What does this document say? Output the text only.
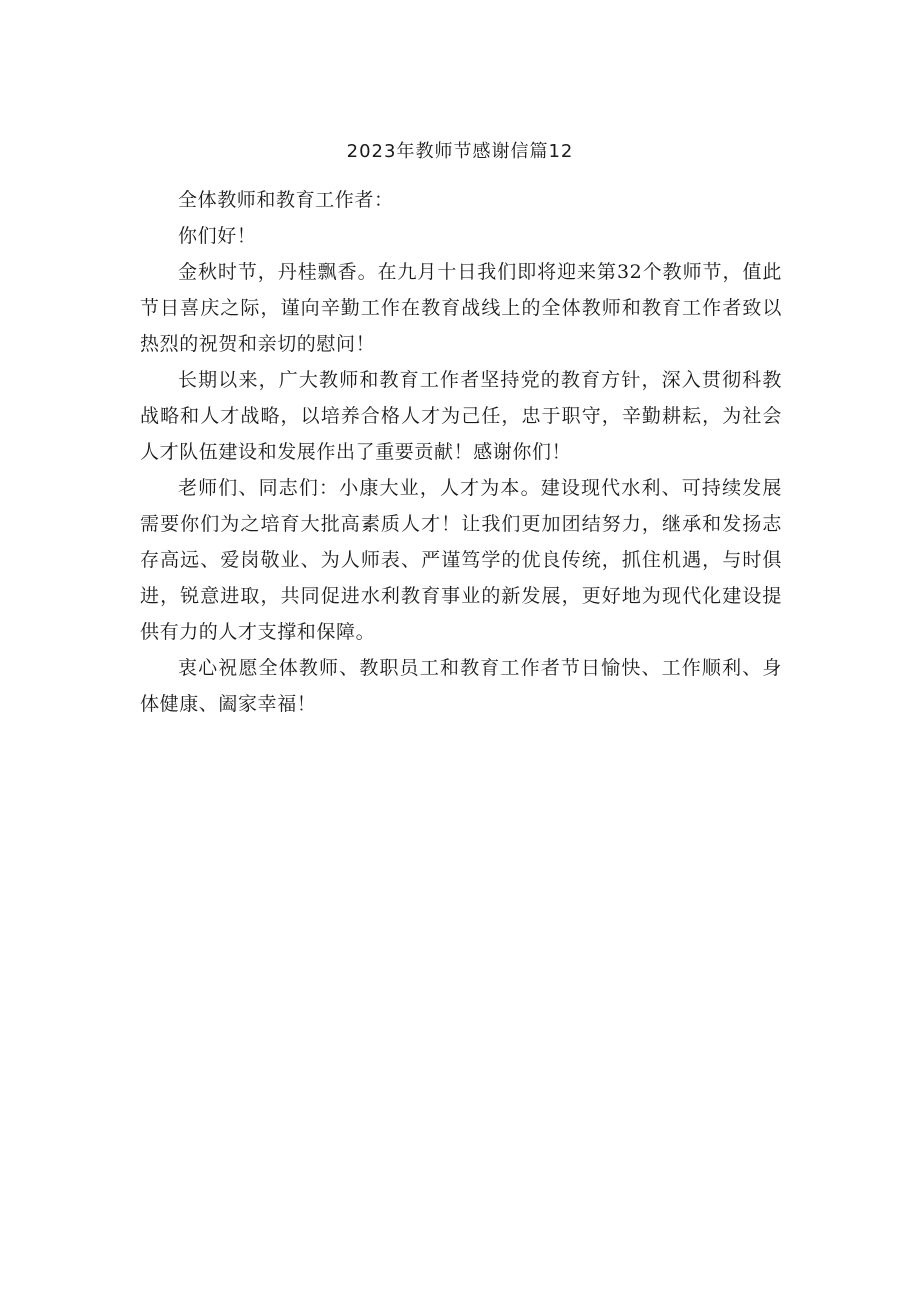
2023年教师节感谢信篇12

全体教师和教育工作者：

你们好！

金秋时节，丹桂飘香。在九月十日我们即将迎来第32个教师节，值此节日喜庆之际，谨向辛勤工作在教育战线上的全体教师和教育工作者致以热烈的祝贺和亲切的慰问！

长期以来，广大教师和教育工作者坚持党的教育方针，深入贯彻科教战略和人才战略，以培养合格人才为己任，忠于职守，辛勤耕耘，为社会人才队伍建设和发展作出了重要贡献！感谢你们！

老师们、同志们：小康大业，人才为本。建设现代水利、可持续发展需要你们为之培育大批高素质人才！让我们更加团结努力，继承和发扬志存高远、爱岗敬业、为人师表、严谨笃学的优良传统，抓住机遇，与时俱进，锐意进取，共同促进水利教育事业的新发展，更好地为现代化建设提供有力的人才支撑和保障。

衷心祝愿全体教师、教职员工和教育工作者节日愉快、工作顺利、身体健康、阖家幸福！
